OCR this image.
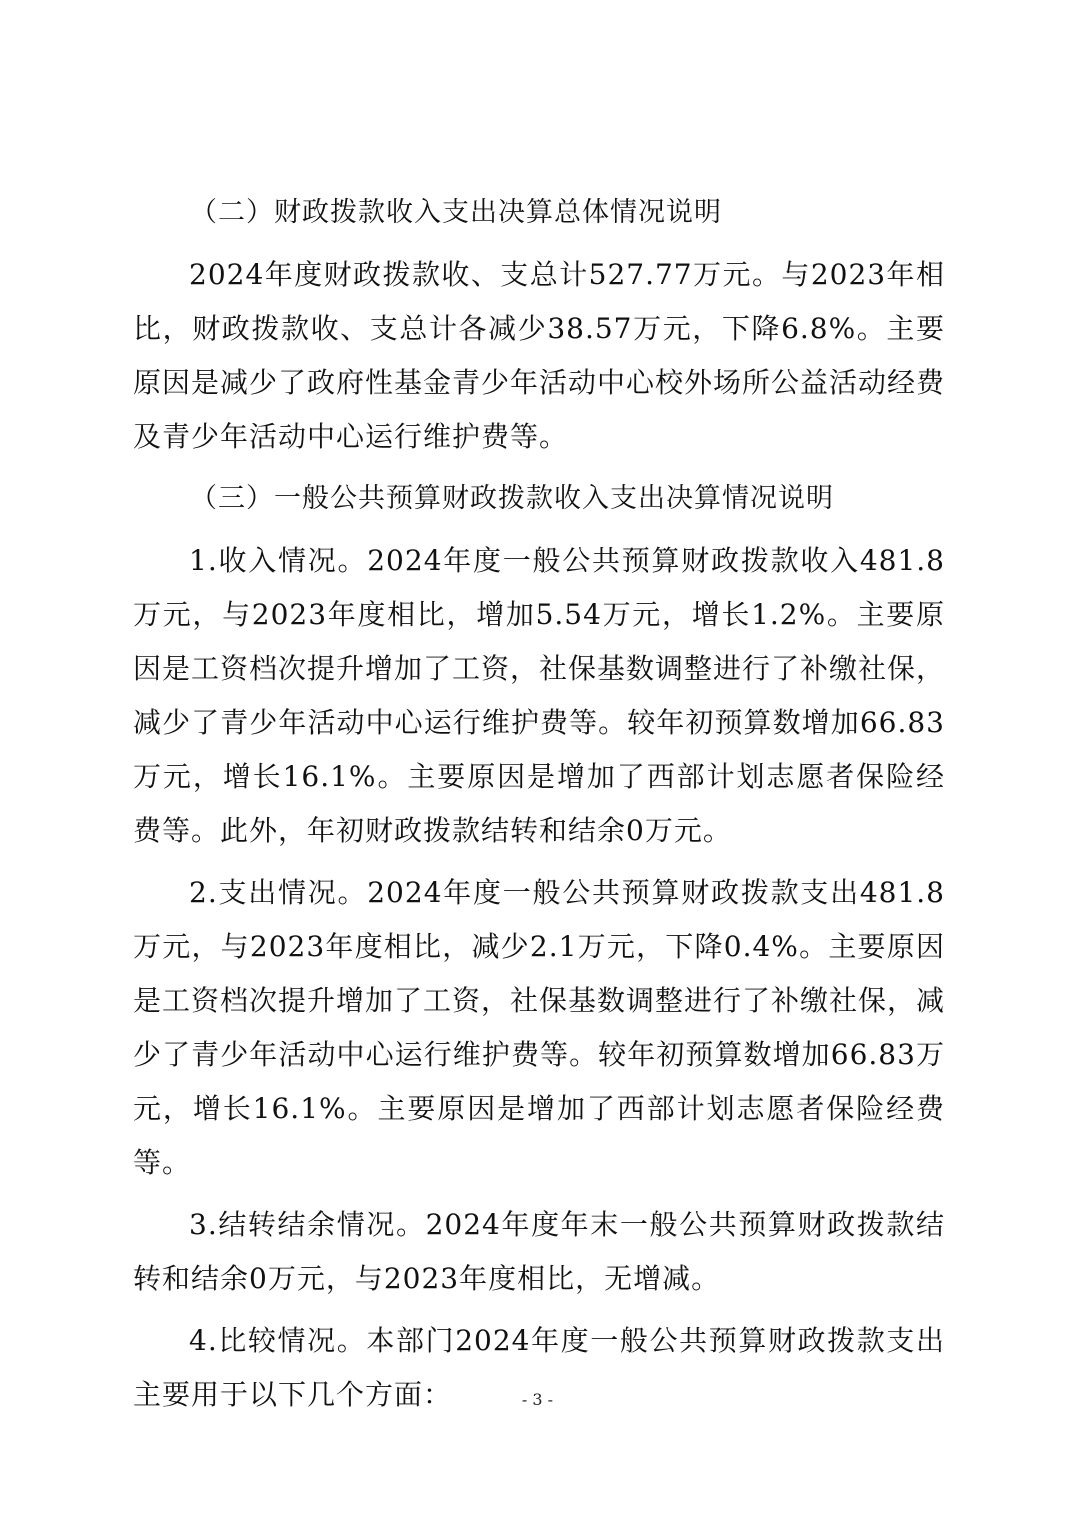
（二）财政拨款收入支出决算总体情况说明

2024年度财政拨款收、支总计527.77万元。与2023年相比，财政拨款收、支总计各减少38.57万元，下降6.8%。主要原因是减少了政府性基金青少年活动中心校外场所公益活动经费及青少年活动中心运行维护费等。

（三）一般公共预算财政拨款收入支出决算情况说明

1.收入情况。2024年度一般公共预算财政拨款收入481.8万元，与2023年度相比，增加5.54万元，增长1.2%。主要原因是工资档次提升增加了工资，社保基数调整进行了补缴社保，减少了青少年活动中心运行维护费等。较年初预算数增加66.83万元，增长16.1%。主要原因是增加了西部计划志愿者保险经费等。此外，年初财政拨款结转和结余0万元。

2.支出情况。2024年度一般公共预算财政拨款支出481.8万元，与2023年度相比，减少2.1万元，下降0.4%。主要原因是工资档次提升增加了工资，社保基数调整进行了补缴社保，减少了青少年活动中心运行维护费等。较年初预算数增加66.83万元，增长16.1%。主要原因是增加了西部计划志愿者保险经费等。

3.结转结余情况。2024年度年末一般公共预算财政拨款结转和结余0万元，与2023年度相比，无增减。

4.比较情况。本部门2024年度一般公共预算财政拨款支出主要用于以下几个方面：	- 3 -
